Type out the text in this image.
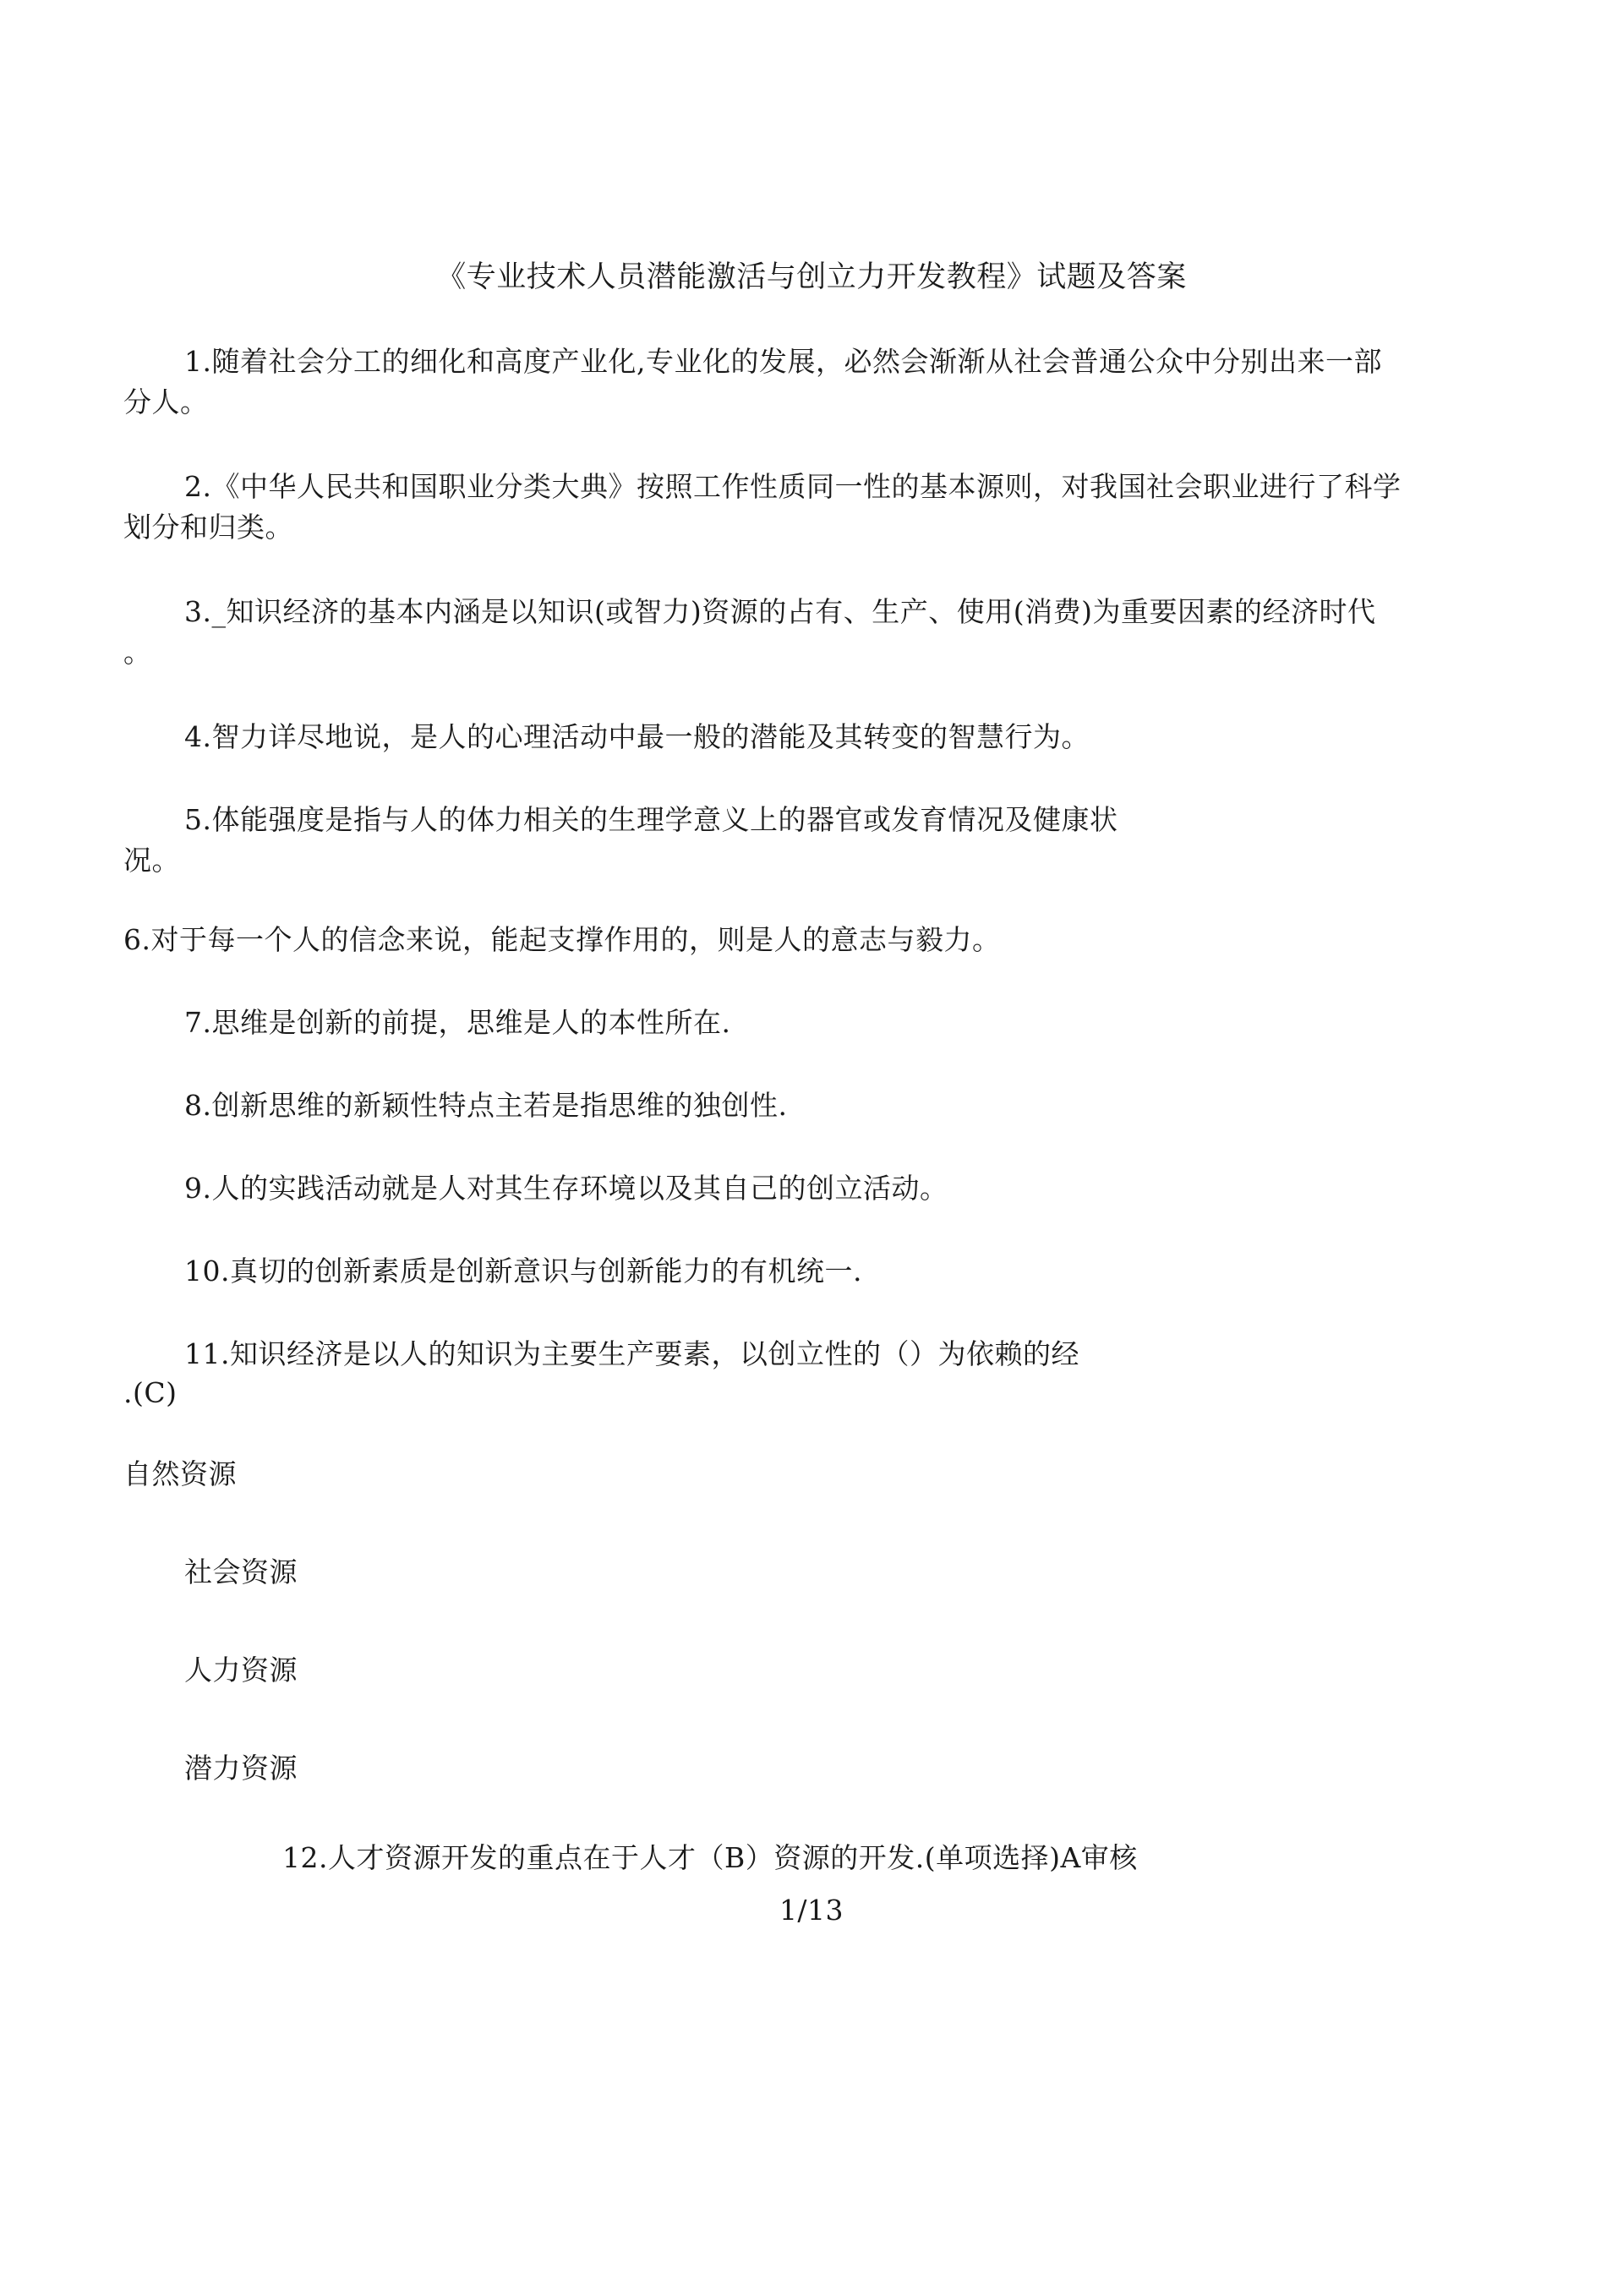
《专业技术人员潜能激活与创立力开发教程》试题及答案
1.随着社会分工的细化和高度产业化,专业化的发展，必然会渐渐从社会普通公众中分别出来一部
分人。
2.《中华人民共和国职业分类大典》按照工作性质同一性的基本源则，对我国社会职业进行了科学
划分和归类。
3._知识经济的基本内涵是以知识(或智力)资源的占有、生产、使用(消费)为重要因素的经济时代
。
4.智力详尽地说，是人的心理活动中最一般的潜能及其转变的智慧行为。
5.体能强度是指与人的体力相关的生理学意义上的器官或发育情况及健康状
况。
6.对于每一个人的信念来说，能起支撑作用的，则是人的意志与毅力。
7.思维是创新的前提，思维是人的本性所在.
8.创新思维的新颖性特点主若是指思维的独创性.
9.人的实践活动就是人对其生存环境以及其自己的创立活动。
10.真切的创新素质是创新意识与创新能力的有机统一.
11.知识经济是以人的知识为主要生产要素，以创立性的（）为依赖的经
.(C)
自然资源
社会资源
人力资源
潜力资源
12.人才资源开发的重点在于人才（B）资源的开发.(单项选择)A审核
1/13
